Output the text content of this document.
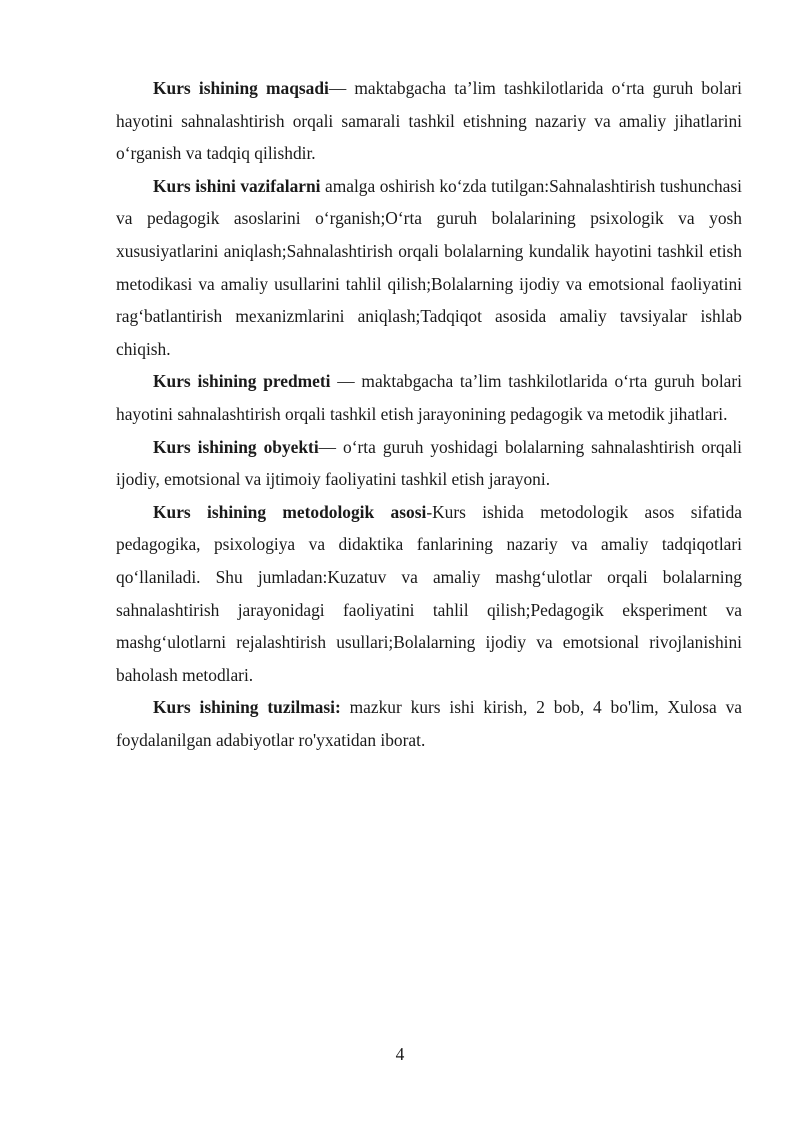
Kurs ishining maqsadi— maktabgacha ta’lim tashkilotlarida o‘rta guruh bolari hayotini sahnalashtirish orqali samarali tashkil etishning nazariy va amaliy jihatlarini o‘rganish va tadqiq qilishdir.

Kurs ishini vazifalarni amalga oshirish ko‘zda tutilgan:Sahnalashtirish tushunchasi va pedagogik asoslarini o‘rganish;O‘rta guruh bolalarining psixologik va yosh xususiyatlarini aniqlash;Sahnalashtirish orqali bolalarning kundalik hayotini tashkil etish metodikasi va amaliy usullarini tahlil qilish;Bolalarning ijodiy va emotsional faoliyatini rag‘batlantirish mexanizmlarini aniqlash;Tadqiqot asosida amaliy tavsiyalar ishlab chiqish.

Kurs ishining predmeti — maktabgacha ta’lim tashkilotlarida o‘rta guruh bolari hayotini sahnalashtirish orqali tashkil etish jarayonining pedagogik va metodik jihatlari.

Kurs ishining obyekti— o‘rta guruh yoshidagi bolalarning sahnalashtirish orqali ijodiy, emotsional va ijtimoiy faoliyatini tashkil etish jarayoni.

Kurs ishining metodologik asosi-Kurs ishida metodologik asos sifatida pedagogika, psixologiya va didaktika fanlarining nazariy va amaliy tadqiqotlari qo‘llaniladi. Shu jumladan:Kuzatuv va amaliy mashg‘ulotlar orqali bolalarning sahnalashtirish jarayonidagi faoliyatini tahlil qilish;Pedagogik eksperiment va mashg‘ulotlarni rejalashtirish usullari;Bolalarning ijodiy va emotsional rivojlanishini baholash metodlari.

Kurs ishining tuzilmasi: mazkur kurs ishi kirish, 2 bob, 4 bo'lim, Xulosa va foydalanilgan adabiyotlar ro'yxatidan iborat.

4
